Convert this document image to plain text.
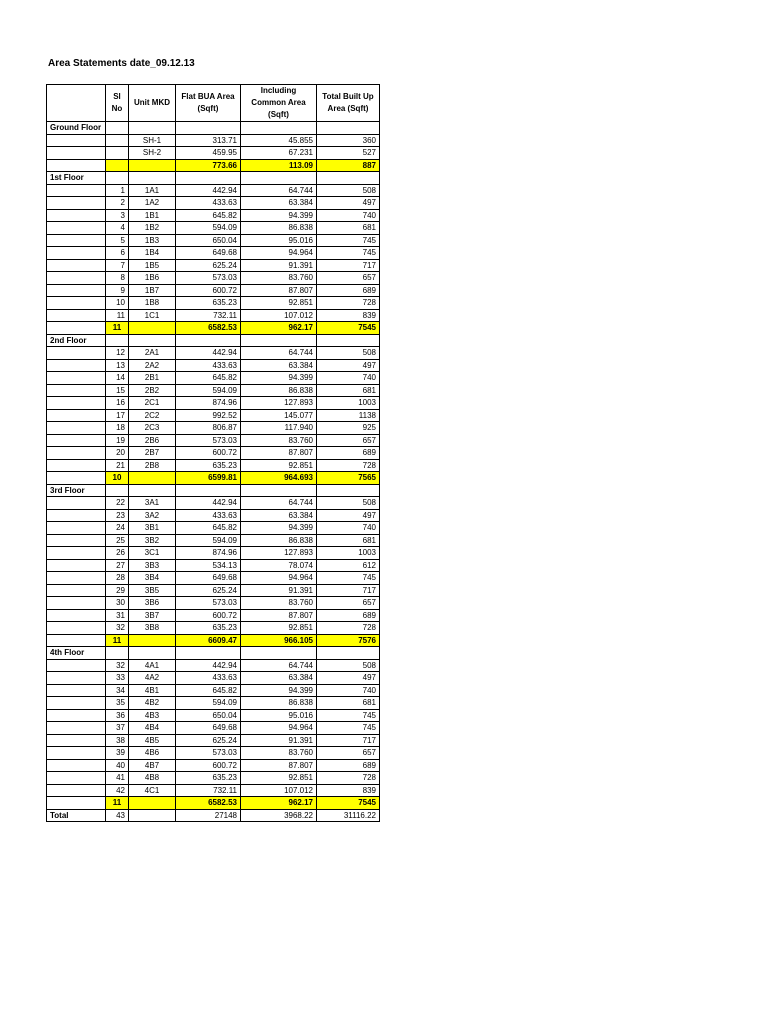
Area Statements date_09.12.13
	Sl No	Unit MKD	Flat BUA Area (Sqft)	Including Common Area (Sqft)	Total Built Up Area (Sqft)
Ground Floor					
		SH-1	313.71	45.855	360
		SH-2	459.95	67.231	527
			773.66	113.09	887
1st Floor					
	1	1A1	442.94	64.744	508
	2	1A2	433.63	63.384	497
	3	1B1	645.82	94.399	740
	4	1B2	594.09	86.838	681
	5	1B3	650.04	95.016	745
	6	1B4	649.68	94.964	745
	7	1B5	625.24	91.391	717
	8	1B6	573.03	83.760	657
	9	1B7	600.72	87.807	689
	10	1B8	635.23	92.851	728
	11	1C1	732.11	107.012	839
	11		6582.53	962.17	7545
2nd Floor					
	12	2A1	442.94	64.744	508
	13	2A2	433.63	63.384	497
	14	2B1	645.82	94.399	740
	15	2B2	594.09	86.838	681
	16	2C1	874.96	127.893	1003
	17	2C2	992.52	145.077	1138
	18	2C3	806.87	117.940	925
	19	2B6	573.03	83.760	657
	20	2B7	600.72	87.807	689
	21	2B8	635.23	92.851	728
	10		6599.81	964.693	7565
3rd Floor					
	22	3A1	442.94	64.744	508
	23	3A2	433.63	63.384	497
	24	3B1	645.82	94.399	740
	25	3B2	594.09	86.838	681
	26	3C1	874.96	127.893	1003
	27	3B3	534.13	78.074	612
	28	3B4	649.68	94.964	745
	29	3B5	625.24	91.391	717
	30	3B6	573.03	83.760	657
	31	3B7	600.72	87.807	689
	32	3B8	635.23	92.851	728
	11		6609.47	966.105	7576
4th Floor					
	32	4A1	442.94	64.744	508
	33	4A2	433.63	63.384	497
	34	4B1	645.82	94.399	740
	35	4B2	594.09	86.838	681
	36	4B3	650.04	95.016	745
	37	4B4	649.68	94.964	745
	38	4B5	625.24	91.391	717
	39	4B6	573.03	83.760	657
	40	4B7	600.72	87.807	689
	41	4B8	635.23	92.851	728
	42	4C1	732.11	107.012	839
	11		6582.53	962.17	7545
Total	43		27148	3968.22	31116.22
